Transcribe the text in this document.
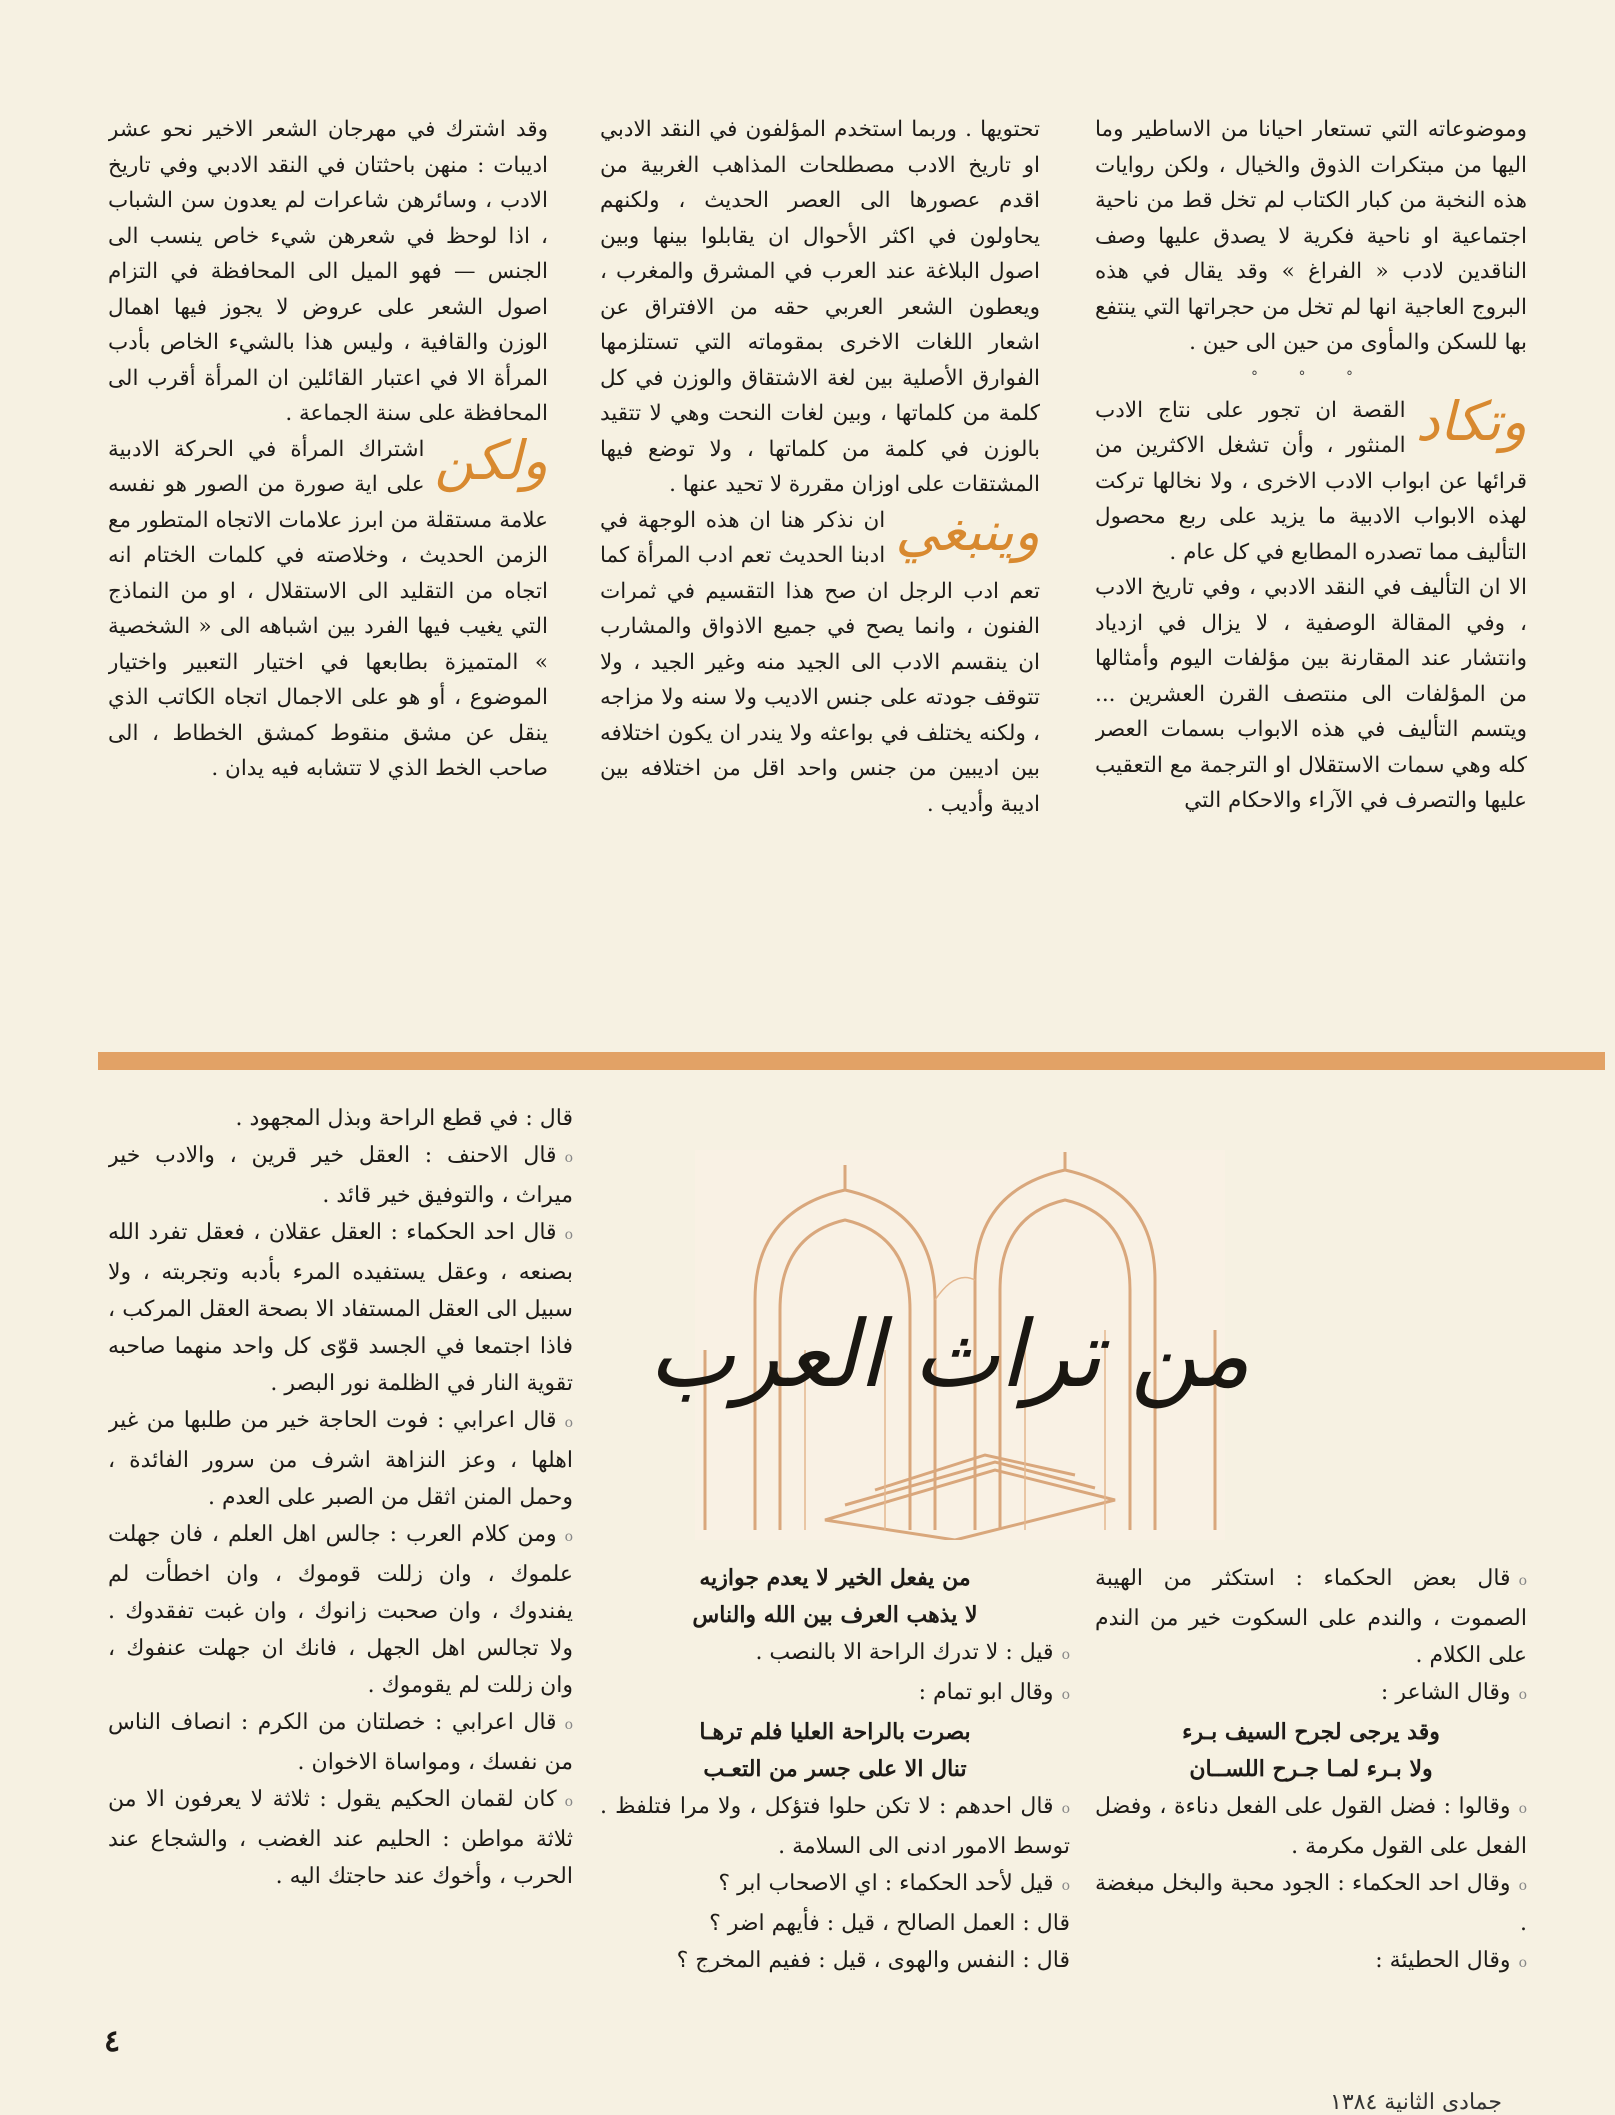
وموضوعاته التي تستعار احيانا من الاساطير وما اليها من مبتكرات الذوق والخيال ، ولكن روايات هذه النخبة من كبار الكتاب لم تخل قط من ناحية اجتماعية او ناحية فكرية لا يصدق عليها وصف الناقدين لادب « الفراغ » وقد يقال في هذه البروج العاجية انها لم تخل من حجراتها التي ينتفع بها للسكن والمأوى من حين الى حين .

° ° °

وتكاد
القصة ان تجور على نتاج الادب المنثور ، وأن تشغل الاكثرين من قرائها عن ابواب الادب الاخرى ، ولا نخالها تركت لهذه الابواب الادبية ما يزيد على ربع محصول التأليف مما تصدره المطابع في كل عام .

الا ان التأليف في النقد الادبي ، وفي تاريخ الادب ، وفي المقالة الوصفية ، لا يزال في ازدياد وانتشار عند المقارنة بين مؤلفات اليوم وأمثالها من المؤلفات الى منتصف القرن العشرين ... ويتسم التأليف في هذه الابواب بسمات العصر كله وهي سمات الاستقلال او الترجمة مع التعقيب عليها والتصرف في الآراء والاحكام التي

تحتويها . وربما استخدم المؤلفون في النقد الادبي او تاريخ الادب مصطلحات المذاهب الغربية من اقدم عصورها الى العصر الحديث ، ولكنهم يحاولون في اكثر الأحوال ان يقابلوا بينها وبين اصول البلاغة عند العرب في المشرق والمغرب ، ويعطون الشعر العربي حقه من الافتراق عن اشعار اللغات الاخرى بمقوماته التي تستلزمها الفوارق الأصلية بين لغة الاشتقاق والوزن في كل كلمة من كلماتها ، وبين لغات النحت وهي لا تتقيد بالوزن في كلمة من كلماتها ، ولا توضع فيها المشتقات على اوزان مقررة لا تحيد عنها .

وينبغي
ان نذكر هنا ان هذه الوجهة في ادبنا الحديث تعم ادب المرأة كما تعم ادب الرجل ان صح هذا التقسيم في ثمرات الفنون ، وانما يصح في جميع الاذواق والمشارب ان ينقسم الادب الى الجيد منه وغير الجيد ، ولا تتوقف جودته على جنس الاديب ولا سنه ولا مزاجه ، ولكنه يختلف في بواعثه ولا يندر ان يكون اختلافه بين اديبين من جنس واحد اقل من اختلافه بين اديبة وأديب .

وقد اشترك في مهرجان الشعر الاخير نحو عشر اديبات : منهن باحثتان في النقد الادبي وفي تاريخ الادب ، وسائرهن شاعرات لم يعدون سن الشباب ، اذا لوحظ في شعرهن شيء خاص ينسب الى الجنس — فهو الميل الى المحافظة في التزام اصول الشعر على عروض لا يجوز فيها اهمال الوزن والقافية ، وليس هذا بالشيء الخاص بأدب المرأة الا في اعتبار القائلين ان المرأة أقرب الى المحافظة على سنة الجماعة .

ولكن
اشتراك المرأة في الحركة الادبية على اية صورة من الصور هو نفسه علامة مستقلة من ابرز علامات الاتجاه المتطور مع الزمن الحديث ، وخلاصته في كلمات الختام انه اتجاه من التقليد الى الاستقلال ، او من النماذج التي يغيب فيها الفرد بين اشباهه الى « الشخصية » المتميزة بطابعها في اختيار التعبير واختيار الموضوع ، أو هو على الاجمال اتجاه الكاتب الذي ينقل عن مشق منقوط كمشق الخطاط ، الى صاحب الخط الذي لا تتشابه فيه يدان .

من تراث العرب

قال : في قطع الراحة وبذل المجهود .

oقال الاحنف : العقل خير قرين ، والادب خير ميراث ، والتوفيق خير قائد .

oقال احد الحكماء : العقل عقلان ، فعقل تفرد الله بصنعه ، وعقل يستفيده المرء بأدبه وتجربته ، ولا سبيل الى العقل المستفاد الا بصحة العقل المركب ، فاذا اجتمعا في الجسد قوّى كل واحد منهما صاحبه تقوية النار في الظلمة نور البصر .

oقال اعرابي : فوت الحاجة خير من طلبها من غير اهلها ، وعز النزاهة اشرف من سرور الفائدة ، وحمل المنن اثقل من الصبر على العدم .

oومن كلام العرب : جالس اهل العلم ، فان جهلت علموك ، وان زللت قوموك ، وان اخطأت لم يفندوك ، وان صحبت زانوك ، وان غبت تفقدوك . ولا تجالس اهل الجهل ، فانك ان جهلت عنفوك ، وان زللت لم يقوموك .

oقال اعرابي : خصلتان من الكرم : انصاف الناس من نفسك ، ومواساة الاخوان .

oكان لقمان الحكيم يقول : ثلاثة لا يعرفون الا من ثلاثة مواطن : الحليم عند الغضب ، والشجاع عند الحرب ، وأخوك عند حاجتك اليه .

من يفعل الخير لا يعدم جوازيه

لا يذهب العرف بين الله والناس

oقيل : لا تدرك الراحة الا بالنصب .

oوقال ابو تمام :

بصرت بالراحة العليا فلم ترهـا

تنال الا على جسر من التعـب

oقال احدهم : لا تكن حلوا فتؤكل ، ولا مرا فتلفظ . توسط الامور ادنى الى السلامة .

oقيل لأحد الحكماء : اي الاصحاب ابر ؟

قال : العمل الصالح ، قيل : فأيهم اضر ؟

قال : النفس والهوى ، قيل : ففيم المخرج ؟

oقال بعض الحكماء : استكثر من الهيبة الصموت ، والندم على السكوت خير من الندم على الكلام .

oوقال الشاعر :

وقد يرجى لجرح السيف بـرء

ولا بـرء لمـا جـرح اللســان

oوقالوا : فضل القول على الفعل دناءة ، وفضل الفعل على القول مكرمة .

oوقال احد الحكماء : الجود محبة والبخل مبغضة .

oوقال الحطيئة :

٤
جمادى الثانية ١٣٨٤
